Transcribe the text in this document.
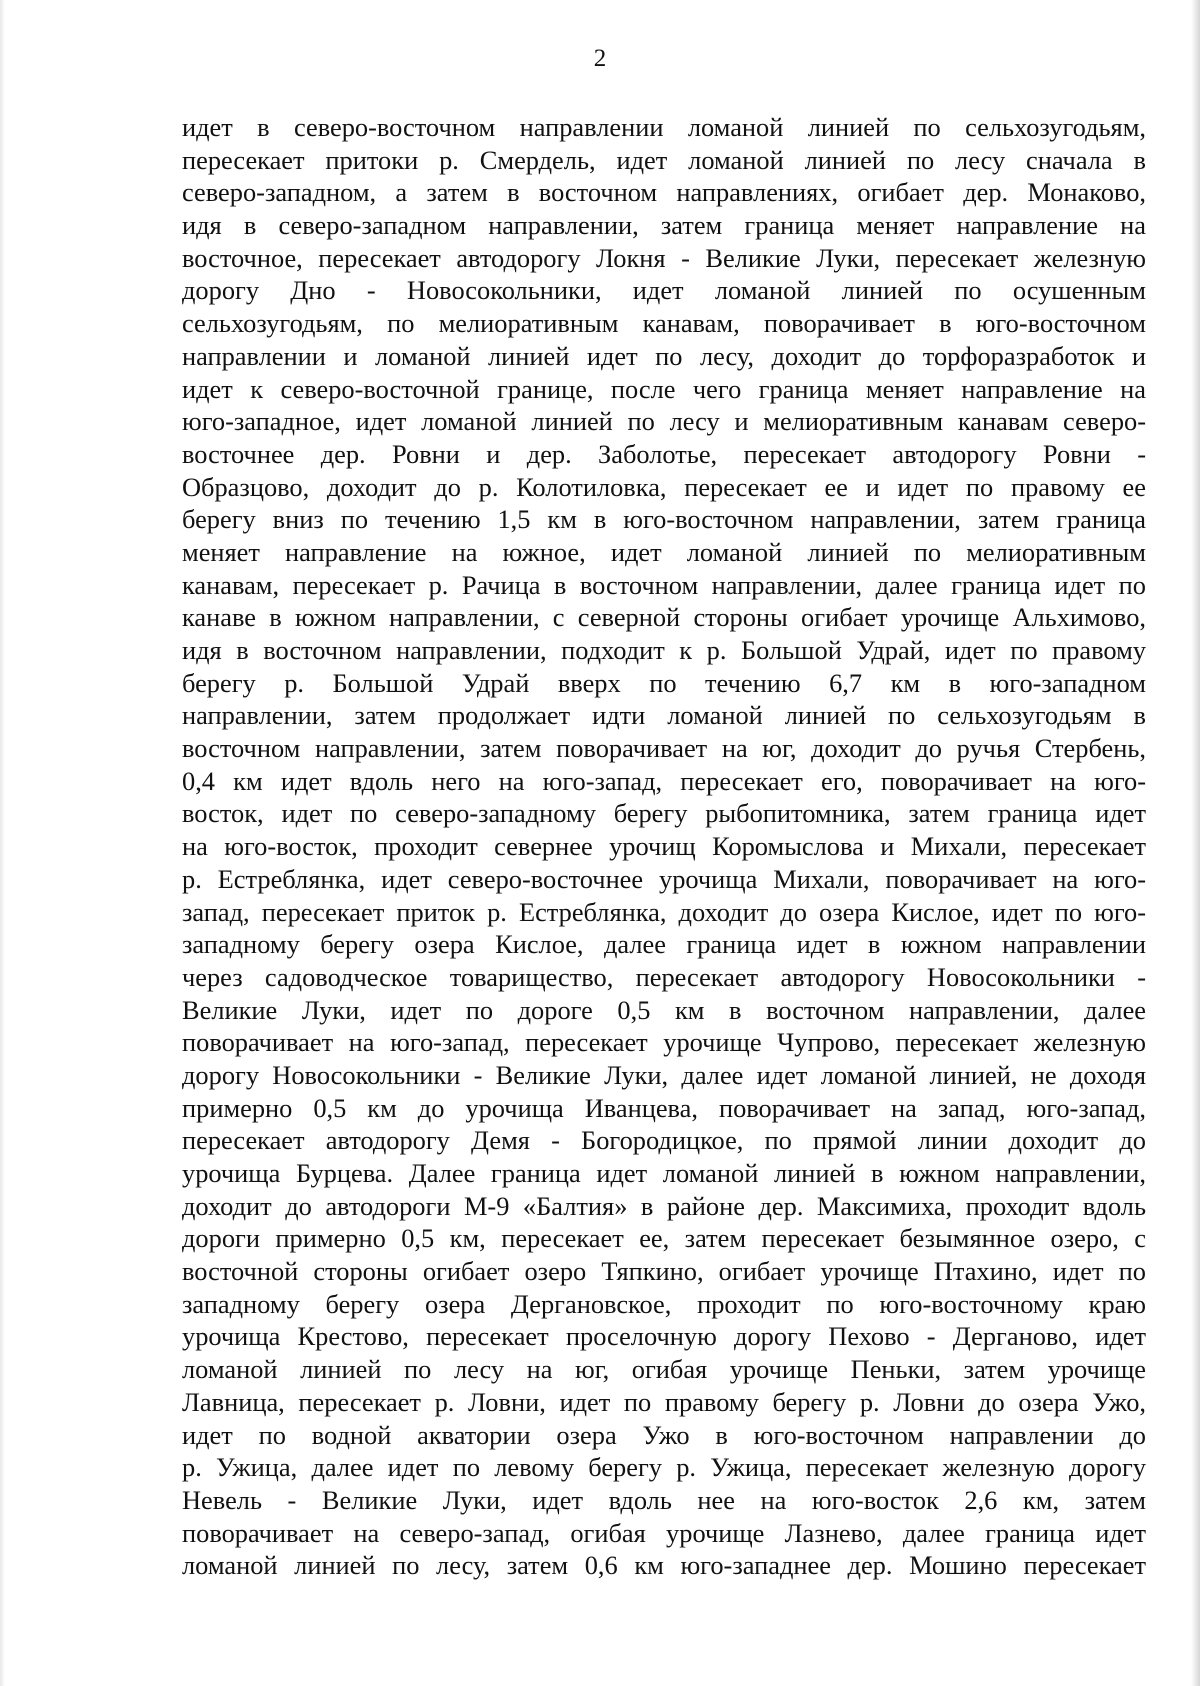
2
идет в северо-восточном направлении ломаной линией по сельхозугодьям,
пересекает притоки р. Смердель, идет ломаной линией по лесу сначала в
северо-западном, а затем в восточном направлениях, огибает дер. Монаково,
идя в северо-западном направлении, затем граница меняет направление на
восточное, пересекает автодорогу Локня - Великие Луки, пересекает железную
дорогу Дно - Новосокольники, идет ломаной линией по осушенным
сельхозугодьям, по мелиоративным канавам, поворачивает в юго-восточном
направлении и ломаной линией идет по лесу, доходит до торфоразработок и
идет к северо-восточной границе, после чего граница меняет направление на
юго-западное, идет ломаной линией по лесу и мелиоративным канавам северо-
восточнее дер. Ровни и дер. Заболотье, пересекает автодорогу Ровни -
Образцово, доходит до р. Колотиловка, пересекает ее и идет по правому ее
берегу вниз по течению 1,5 км в юго-восточном направлении, затем граница
меняет направление на южное, идет ломаной линией по мелиоративным
канавам, пересекает р. Рачица в восточном направлении, далее граница идет по
канаве в южном направлении, с северной стороны огибает урочище Альхимово,
идя в восточном направлении, подходит к р. Большой Удрай, идет по правому
берегу р. Большой Удрай вверх по течению 6,7 км в юго-западном
направлении, затем продолжает идти ломаной линией по сельхозугодьям в
восточном направлении, затем поворачивает на юг, доходит до ручья Стербень,
0,4 км идет вдоль него на юго-запад, пересекает его, поворачивает на юго-
восток, идет по северо-западному берегу рыбопитомника, затем граница идет
на юго-восток, проходит севернее урочищ Коромыслова и Михали, пересекает
р. Естреблянка, идет северо-восточнее урочища Михали, поворачивает на юго-
запад, пересекает приток р. Естреблянка, доходит до озера Кислое, идет по юго-
западному берегу озера Кислое, далее граница идет в южном направлении
через садоводческое товарищество, пересекает автодорогу Новосокольники -
Великие Луки, идет по дороге 0,5 км в восточном направлении, далее
поворачивает на юго-запад, пересекает урочище Чупрово, пересекает железную
дорогу Новосокольники - Великие Луки, далее идет ломаной линией, не доходя
примерно 0,5 км до урочища Иванцева, поворачивает на запад, юго-запад,
пересекает автодорогу Демя - Богородицкое, по прямой линии доходит до
урочища Бурцева. Далее граница идет ломаной линией в южном направлении,
доходит до автодороги М-9 «Балтия» в районе дер. Максимиха, проходит вдоль
дороги примерно 0,5 км, пересекает ее, затем пересекает безымянное озеро, с
восточной стороны огибает озеро Тяпкино, огибает урочище Птахино, идет по
западному берегу озера Дергановское, проходит по юго-восточному краю
урочища Крестово, пересекает проселочную дорогу Пехово - Дерганово, идет
ломаной линией по лесу на юг, огибая урочище Пеньки, затем урочище
Лавница, пересекает р. Ловни, идет по правому берегу р. Ловни до озера Ужо,
идет по водной акватории озера Ужо в юго-восточном направлении до
р. Ужица, далее идет по левому берегу р. Ужица, пересекает железную дорогу
Невель - Великие Луки, идет вдоль нее на юго-восток 2,6 км, затем
поворачивает на северо-запад, огибая урочище Лазнево, далее граница идет
ломаной линией по лесу, затем 0,6 км юго-западнее дер. Мошино пересекает
